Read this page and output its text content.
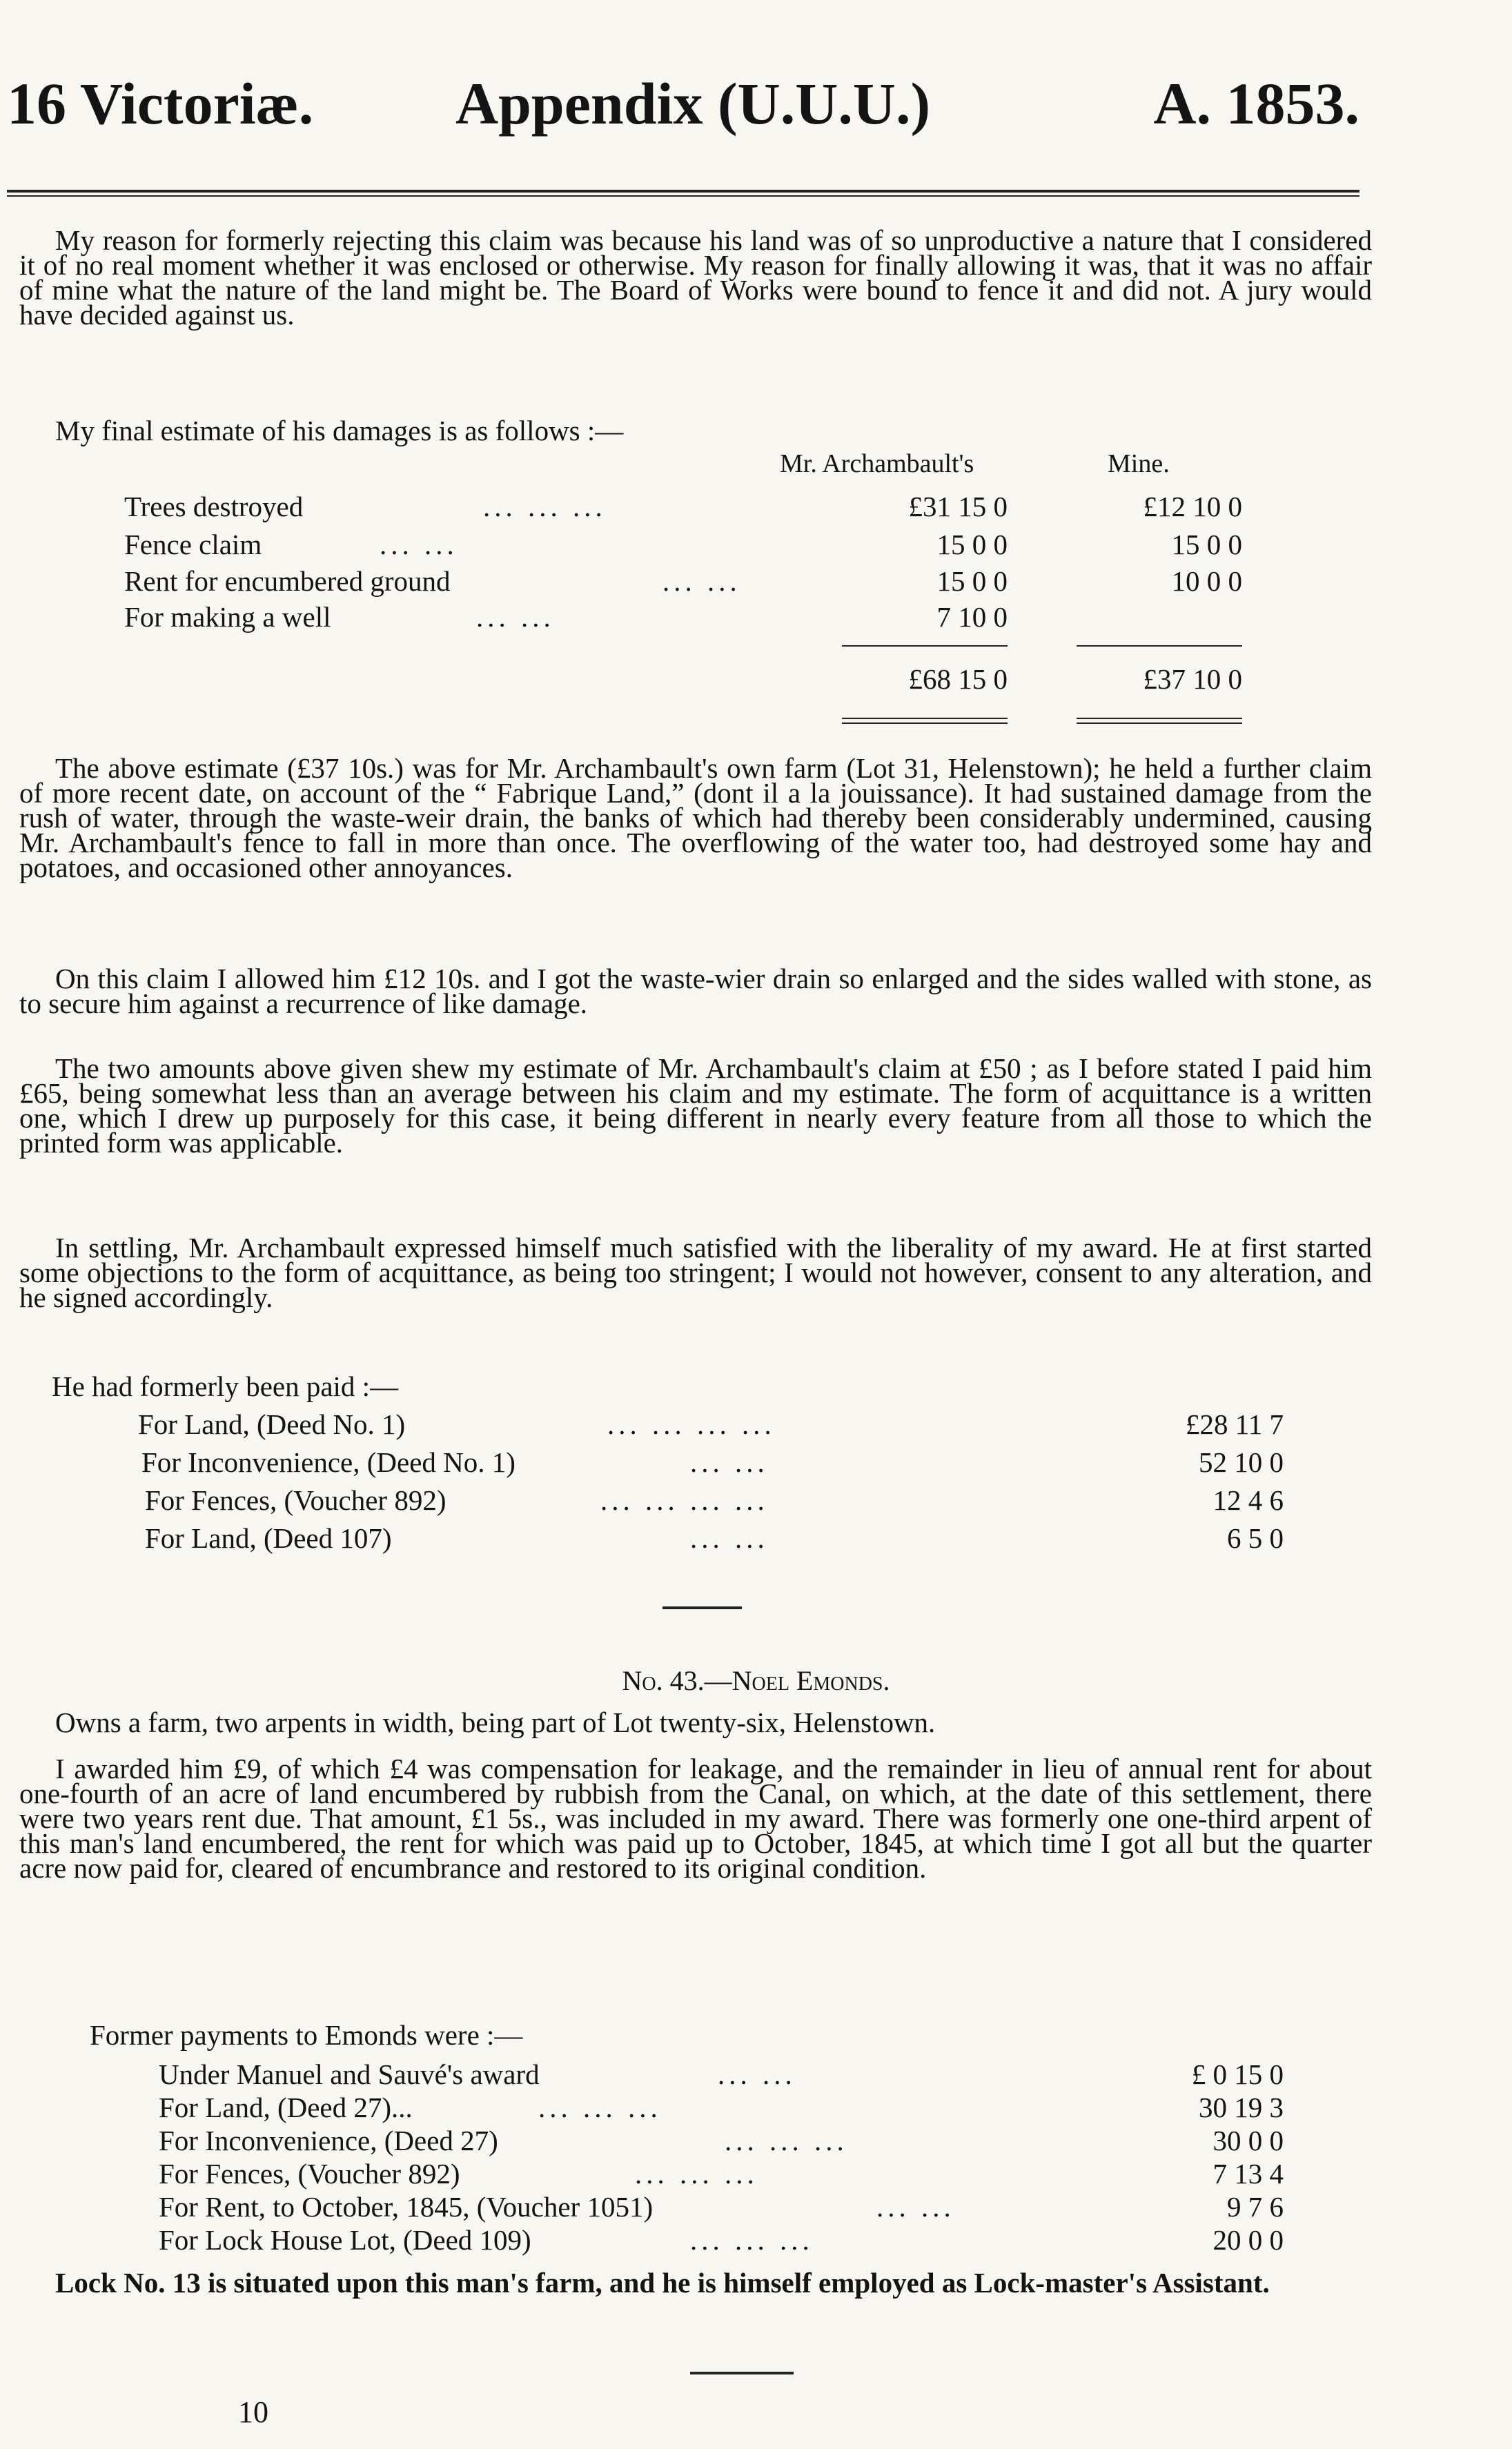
16 Victoriæ. Appendix (U.U.U.)	A. 1853.

My reason for formerly rejecting this claim was because his land was of so unproductive a nature that I considered it of no real moment whether it was enclosed or otherwise. My reason for finally allowing it was, that it was no affair of mine what the nature of the land might be. The Board of Works were bound to fence it and did not. A jury would have decided against us.

My final estimate of his damages is as follows :—
Mr. Archambault's	Mine.
Trees destroyed	... ... ...	£31 15 0	£12 10 0
Fence claim	... ...	15 0 0	15 0 0
Rent for encumbered ground	... ...	15 0 0	10 0 0
For making a well	... ...	7 10 0
£68 15 0	£37 10 0

The above estimate (£37 10s.) was for Mr. Archambault's own farm (Lot 31, Helenstown); he held a further claim of more recent date, on account of the “ Fabrique Land,” (dont il a la jouissance). It had sustained damage from the rush of water, through the waste-weir drain, the banks of which had thereby been considerably undermined, causing Mr. Archambault's fence to fall in more than once. The overflowing of the water too, had destroyed some hay and potatoes, and occasioned other annoyances.

On this claim I allowed him £12 10s. and I got the waste-wier drain so enlarged and the sides walled with stone, as to secure him against a recurrence of like damage.

The two amounts above given shew my estimate of Mr. Archambault's claim at £50 ; as I before stated I paid him £65, being somewhat less than an average between his claim and my estimate. The form of acquittance is a written one, which I drew up purposely for this case, it being different in nearly every feature from all those to which the printed form was applicable.

In settling, Mr. Archambault expressed himself much satisfied with the liberality of my award. He at first started some objections to the form of acquittance, as being too stringent; I would not however, consent to any alteration, and he signed accordingly.

He had formerly been paid :—
For Land, (Deed No. 1)	... ... ... ...	£28 11 7
For Inconvenience, (Deed No. 1)	... ...	52 10 0
For Fences, (Voucher 892)	... ... ... ...	12 4 6
For Land, (Deed 107)	... ...	6 5 0
No. 43.—Noel Emonds.

Owns a farm, two arpents in width, being part of Lot twenty-six, Helenstown.

I awarded him £9, of which £4 was compensation for leakage, and the remainder in lieu of annual rent for about one-fourth of an acre of land encumbered by rubbish from the Canal, on which, at the date of this settlement, there were two years rent due. That amount, £1 5s., was included in my award. There was formerly one one-third arpent of this man's land encumbered, the rent for which was paid up to October, 1845, at which time I got all but the quarter acre now paid for, cleared of encumbrance and restored to its original condition.

Former payments to Emonds were :—
Under Manuel and Sauvé's award	... ...	£ 0 15 0
For Land, (Deed 27)...	... ... ...	30 19 3
For Inconvenience, (Deed 27)	... ... ...	30 0 0
For Fences, (Voucher 892)	... ... ...	7 13 4
For Rent, to October, 1845, (Voucher 1051)	... ...	9 7 6
For Lock House Lot, (Deed 109)	... ... ...	20 0 0

Lock No. 13 is situated upon this man's farm, and he is himself employed as Lock-master's Assistant.

10
